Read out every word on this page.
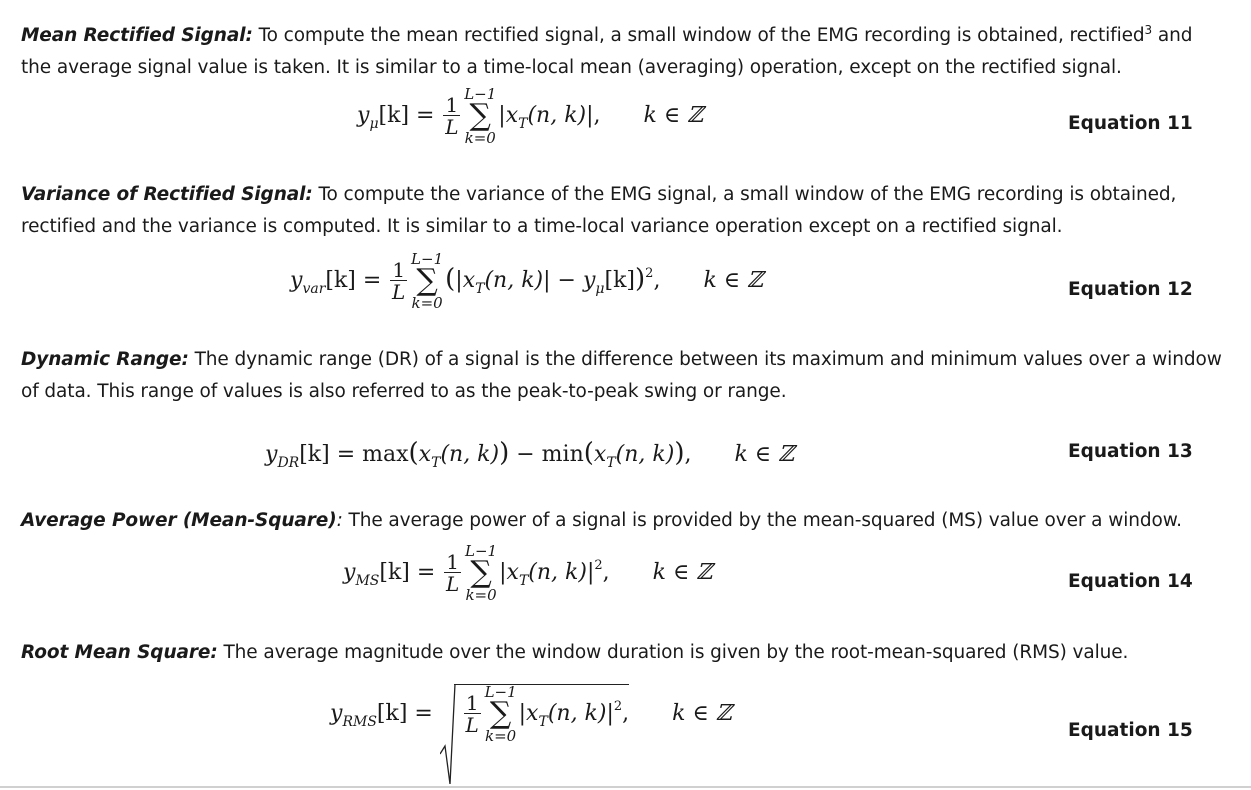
Mean Rectified Signal: To compute the mean rectified signal, a small window of the EMG recording is obtained, rectified$^3$ and the average signal value is taken. It is similar to a time-local mean (averaging) operation, except on the rectified signal.
$y_\mu[k] = \frac{1}{L}$
L−1
∑
k=0
$|x_T(n$, k)|, k ∈ ℤ	Equation 11
Variance of Rectified Signal: To compute the variance of the EMG signal, a small window of the EMG recording is obtained, rectified and the variance is computed. It is similar to a time-local variance operation except on a rectified signal.
$y_{var}[k] = \frac{1}{L}$
L−1
∑
k=0
($|x_T(n$, $k)| - y_\mu[k])^2$, k ∈ ℤ	Equation 12
Dynamic Range: The dynamic range (DR) of a signal is the difference between its maximum and minimum values over a window of data. This range of values is also referred to as the peak-to-peak swing or range.
$y_{DR}[k] = \max(x_T(n$, $k)) - \min(x_T(n$, k)), k ∈ ℤ	Equation 13
Average Power (Mean-Square): The average power of a signal is provided by the mean-squared (MS) value over a window.
$y_{MS}[k] = \frac{1}{L}$
L−1
∑
k=0
$|x_T(n$, $k)|^2$, k ∈ ℤ	Equation 14
Root Mean Square: The average magnitude over the window duration is given by the root-mean-squared (RMS) value.
$y_{RMS}[k] = \frac{1}{L}$
L−1
∑
k=0
$|x_T(n$, $k)|^2$, k ∈ ℤ
Equation 15
